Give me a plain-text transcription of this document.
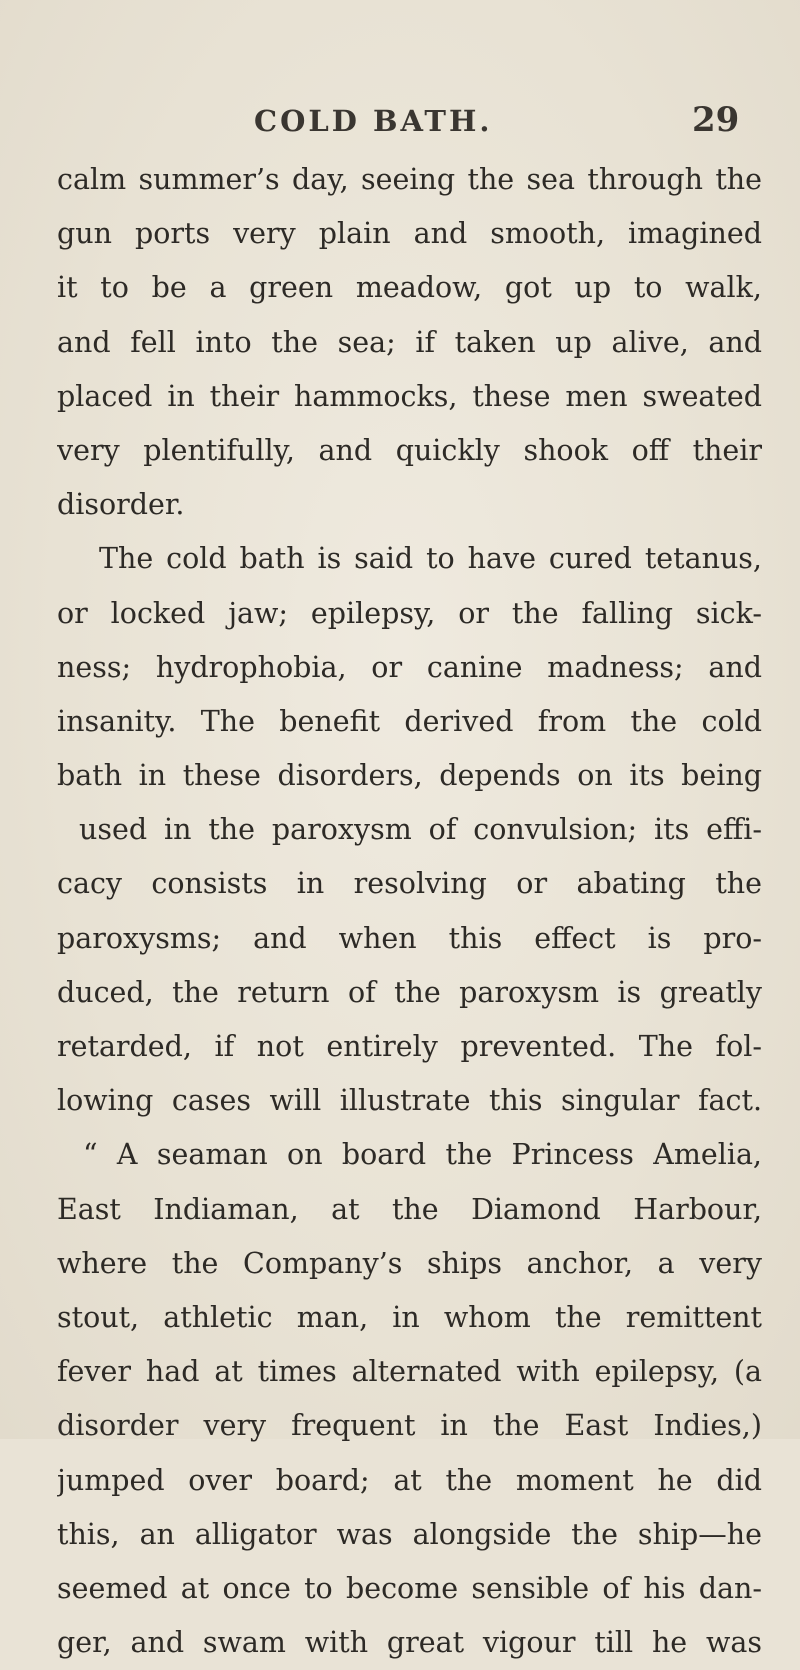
COLD BATH.	29
calm summer’s day, seeing the sea through the
gun ports very plain and smooth, imagined
it to be a green meadow, got up to walk,
and fell into the sea; if taken up alive, and
placed in their hammocks, these men sweated
very plentifully, and quickly shook off their
disorder.
The cold bath is said to have cured tetanus,
or locked jaw; epilepsy, or the falling sick-
ness; hydrophobia, or canine madness; and
insanity. The benefit derived from the cold
bath in these disorders, depends on its being
used in the paroxysm of convulsion; its effi-
cacy consists in resolving or abating the
paroxysms; and when this effect is pro-
duced, the return of the paroxysm is greatly
retarded, if not entirely prevented. The fol-
lowing cases will illustrate this singular fact.
“ A seaman on board the Princess Amelia,
East Indiaman, at the Diamond Harbour,
where the Company’s ships anchor, a very
stout, athletic man, in whom the remittent
fever had at times alternated with epilepsy, (a
disorder very frequent in the East Indies,)
jumped over board; at the moment he did
this, an alligator was alongside the ship—he
seemed at once to become sensible of his dan-
ger, and swam with great vigour till he was
